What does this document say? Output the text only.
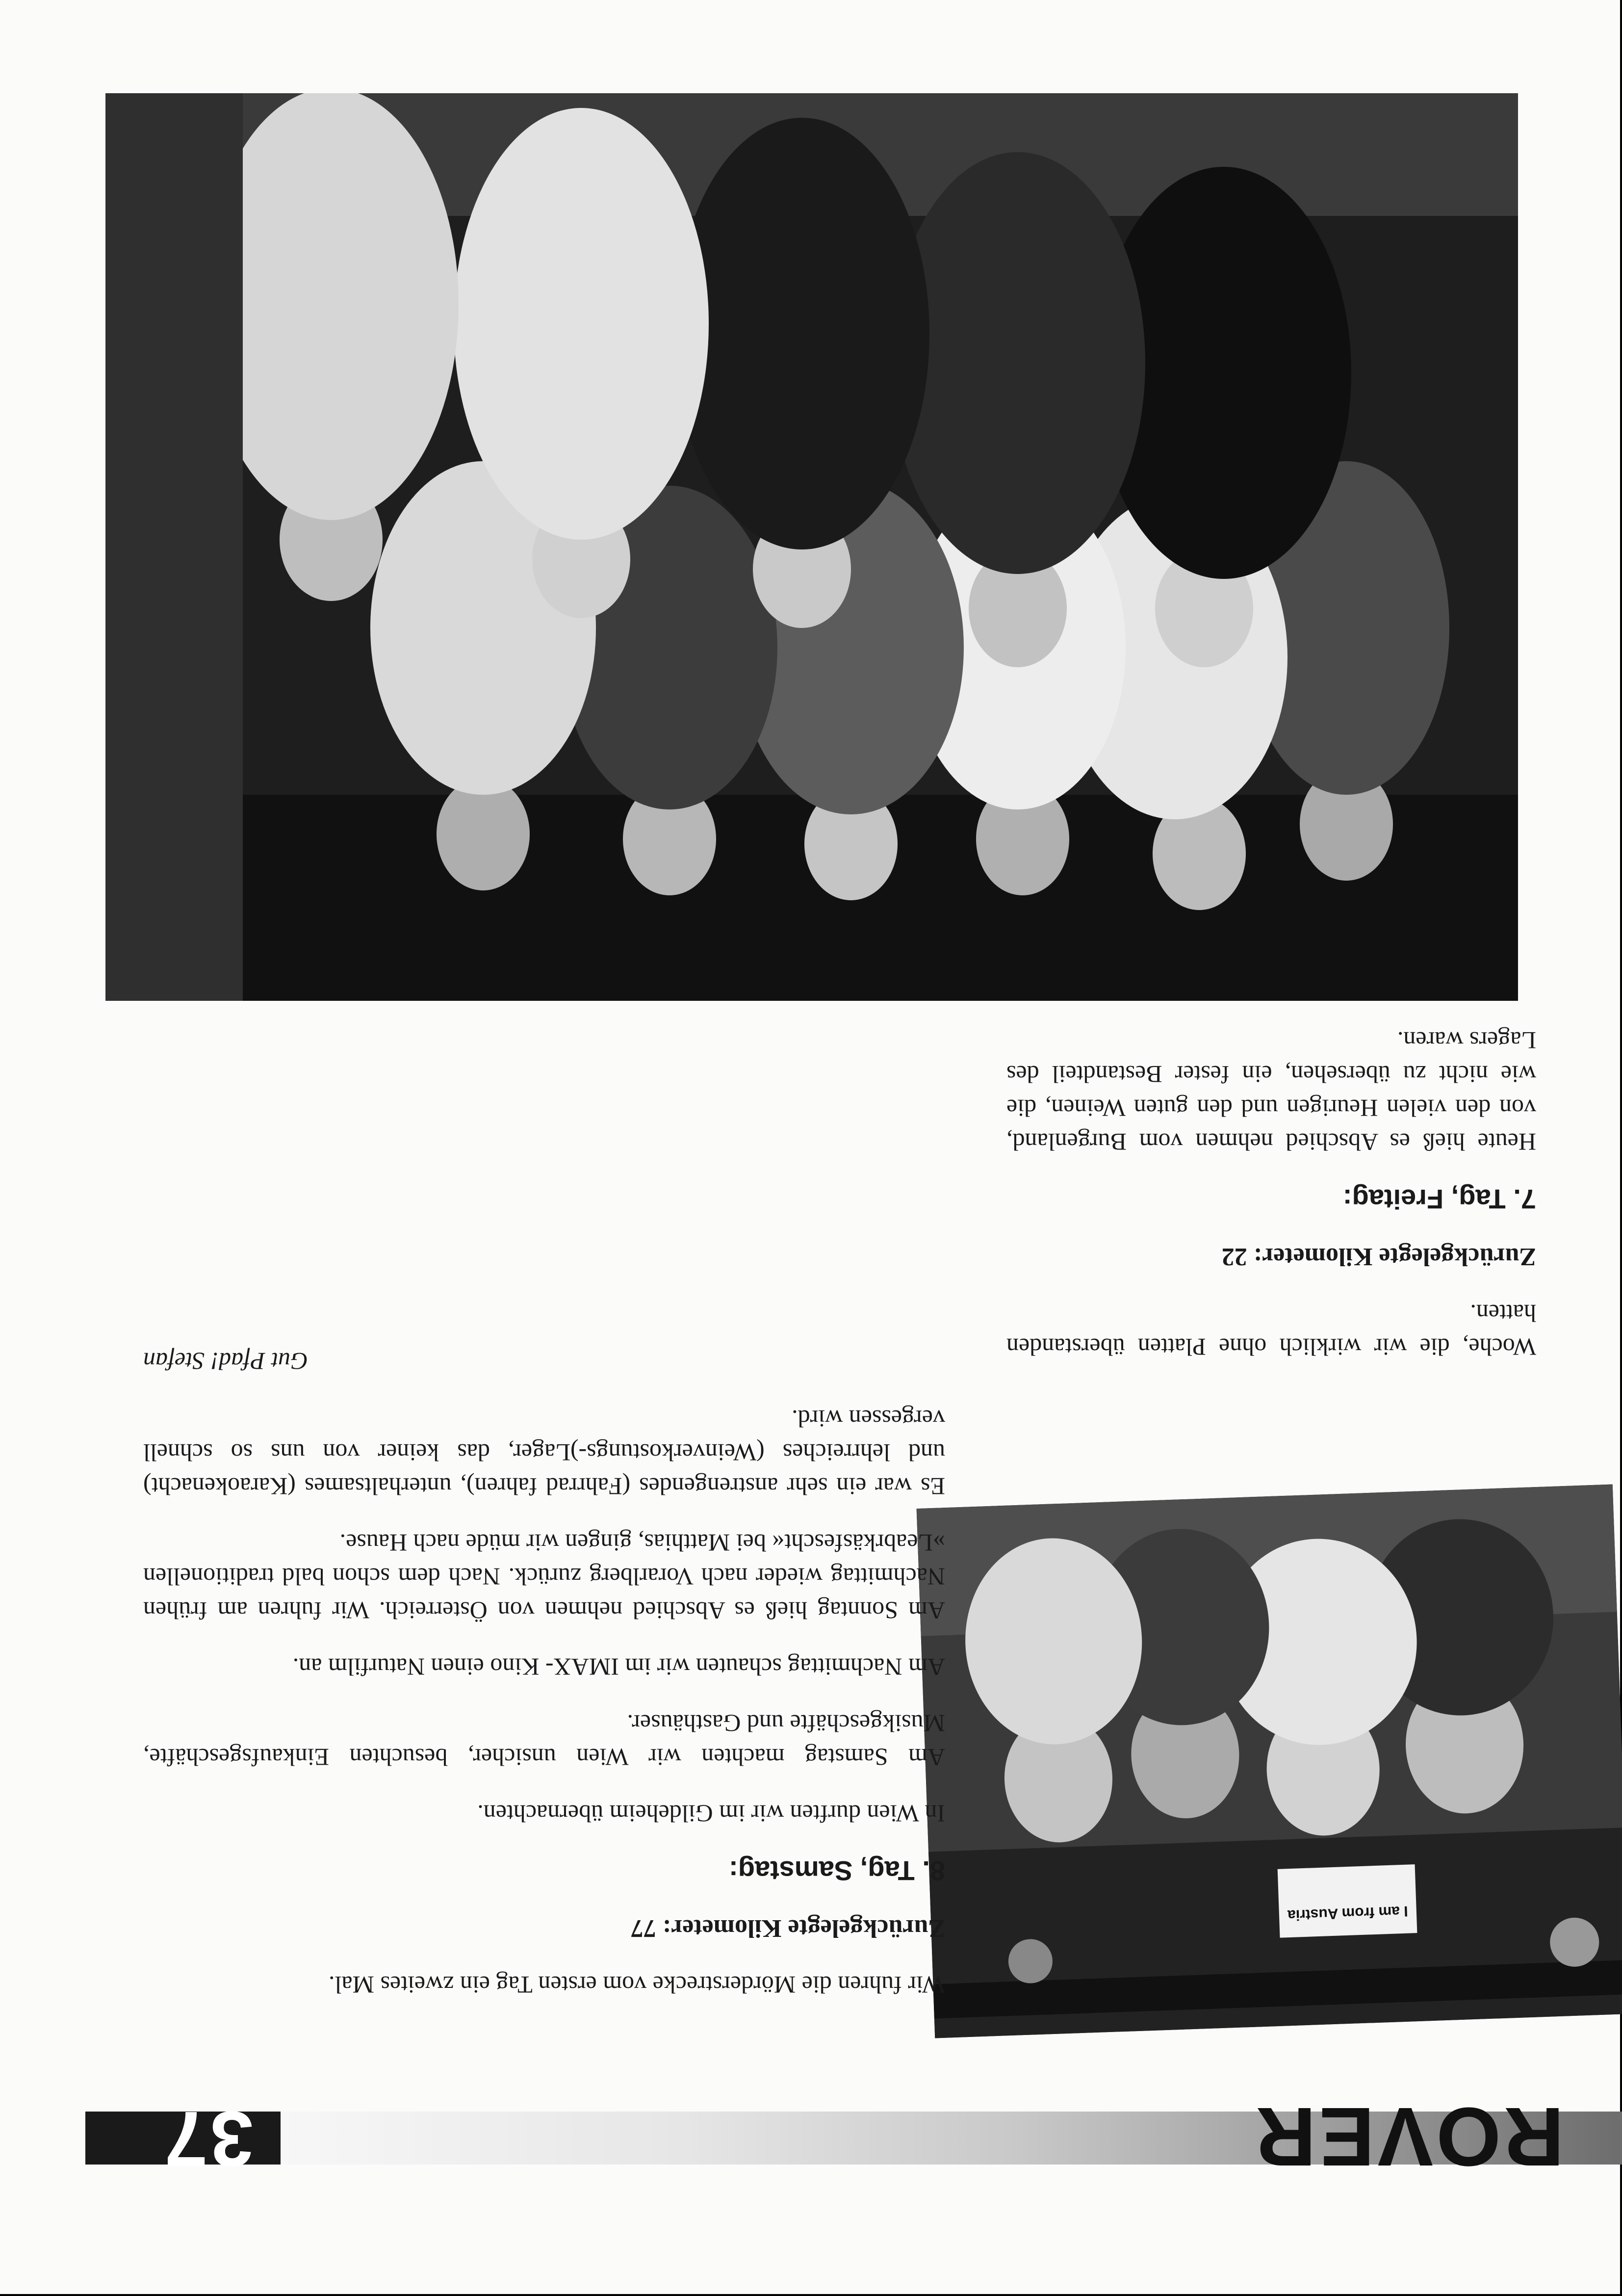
ROVER
37
I am from Austria

Wir fuhren die Mörderstrecke vom ersten Tag ein zweites Mal.

Zurückgelegte Kilometer: 77

8. Tag, Samstag:

In Wien durften wir im Gildeheim übernachten.

Am Samstag machten wir Wien unsicher, besuchten Einkaufsgeschäfte, Musikgeschäfte und Gasthäuser.

Am Nachmittag schauten wir im IMAX- Kino einen Naturfilm an.

Am Sonntag hieß es Abschied nehmen von Österreich. Wir fuhren am frühen Nachmittag wieder nach Vorarlberg zurück. Nach dem schon bald traditionellen »Leabrkäsfescht« bei Matthias, gingen wir müde nach Hause.

Es war ein sehr anstrengendes (Fahrrad fahren), unterhaltsames (Karaokenacht) und lehrreiches (Weinverkostungs-)Lager, das keiner von uns so schnell vergessen wird.

Gut Pfad! Stefan

Woche, die wir wirklich ohne Platten überstanden hatten.

Zurückgelegte Kilometer: 22

7. Tag, Freitag:

Heute hieß es Abschied nehmen vom Burgenland, von den vielen Heurigen und den guten Weinen, die wie nicht zu übersehen, ein fester Bestandteil des Lagers waren.
